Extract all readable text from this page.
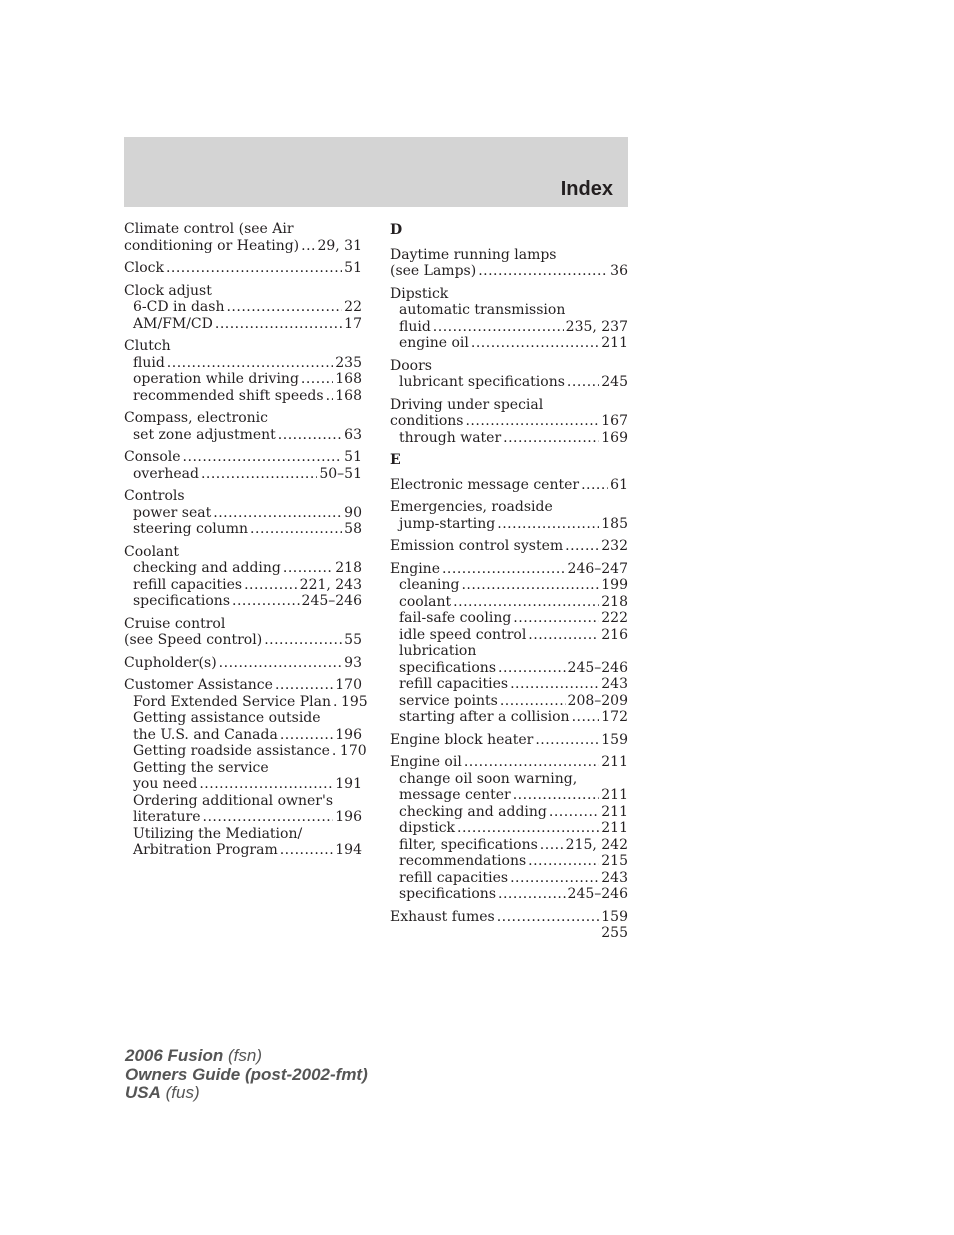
Index
Climate control (see Air
conditioning or Heating) ..... 29, 31
Clock .....	51
Clock adjust
6-CD in dash .....	22
AM/FM/CD .....	17
Clutch
fluid .....	235
operation while driving .....	168
recommended shift speeds ..... 168
Compass, electronic
set zone adjustment .....	63
Console .....	51
overhead .....	50–51
Controls
power seat .....	90
steering column .....	58
Coolant
checking and adding .....	218
refill capacities .....	221, 243
specifications .....	245–246
Cruise control
(see Speed control) .....	55
Cupholder(s) .....	93
Customer Assistance .....	170
Ford Extended Service Plan ..... 195
Getting assistance outside
the U.S. and Canada .....	196
Getting roadside assistance ..... 170
Getting the service
you need .....	191
Ordering additional owner's
literature .....	196
Utilizing the Mediation/
Arbitration Program .....	194
D
Daytime running lamps
(see Lamps) .....	36
Dipstick
automatic transmission
fluid .....	235, 237
engine oil .....	211
Doors
lubricant specifications .....	245
Driving under special
conditions .....	167
through water .....	169
E
Electronic message center ..... 61
Emergencies, roadside
jump-starting .....	185
Emission control system .....	232
Engine .....	246–247
cleaning .....	199
coolant .....	218
fail-safe cooling .....	222
idle speed control .....	216
lubrication
specifications .....	245–246
refill capacities .....	243
service points .....	208–209
starting after a collision ..... 172
Engine block heater .....	159
Engine oil .....	211
change oil soon warning,
message center .....	211
checking and adding .....	211
dipstick .....	211
filter, specifications ..... 215, 242
recommendations .....	215
refill capacities .....	243
specifications .....	245–246
Exhaust fumes .....	159
255
2006 Fusion (fsn)
Owners Guide (post-2002-fmt)
USA (fus)
